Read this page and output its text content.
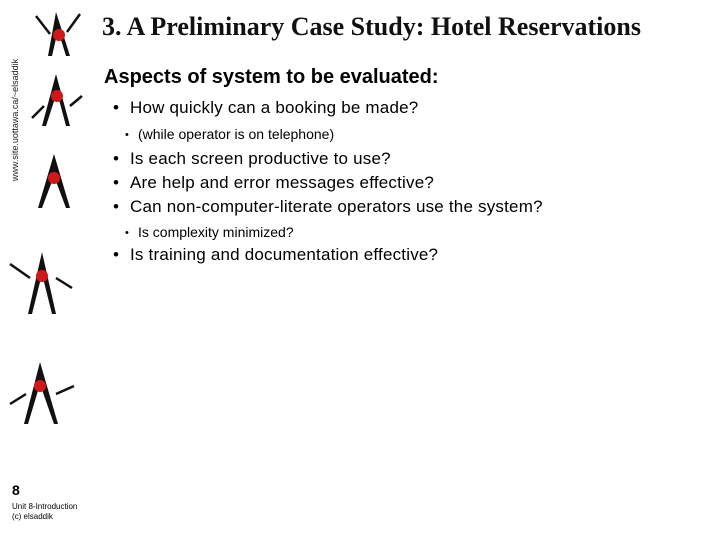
www.site.uottawa.ca/~elsaddik
3. A Preliminary Case Study: Hotel Reservations
Aspects of system to be evaluated:
• How quickly can a booking be made?
• (while operator is on telephone)
• Is each screen productive to use?
• Are help and error messages effective?
• Can non-computer-literate operators use the system?
• Is complexity minimized?
• Is training and documentation effective?
8
Unit 8-Introduction
(c) elsaddik
